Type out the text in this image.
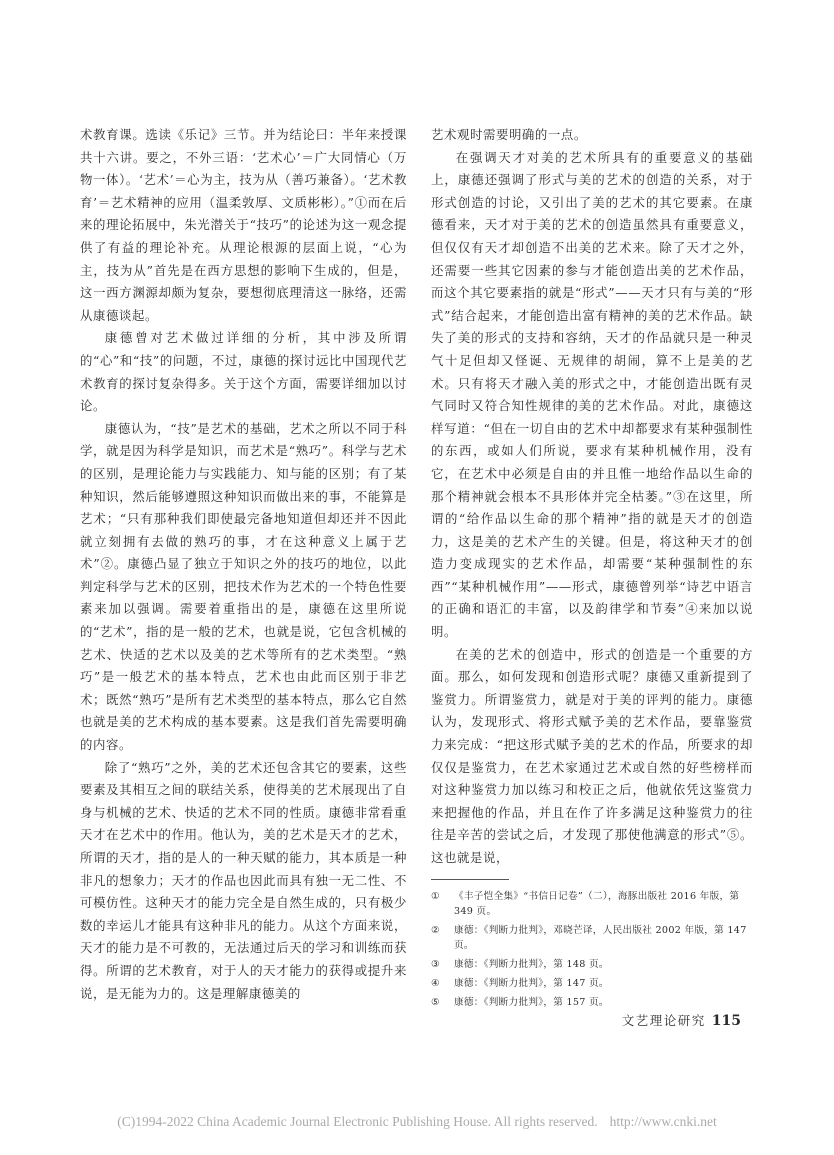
术教育课。选读《乐记》三节。并为结论曰：半年来授课共十六讲。要之，不外三语：‘艺术心’＝广大同情心（万物一体）。‘艺术’＝心为主，技为从（善巧兼备）。‘艺术教育’＝艺术精神的应用（温柔敦厚、文质彬彬）。”①而在后来的理论拓展中，朱光潜关于“技巧”的论述为这一观念提供了有益的理论补充。从理论根源的层面上说，“心为主，技为从”首先是在西方思想的影响下生成的，但是，这一西方渊源却颇为复杂，要想彻底理清这一脉络，还需从康德谈起。

康德曾对艺术做过详细的分析，其中涉及所谓的“心”和“技”的问题，不过，康德的探讨远比中国现代艺术教育的探讨复杂得多。关于这个方面，需要详细加以讨论。

康德认为，“技”是艺术的基础，艺术之所以不同于科学，就是因为科学是知识，而艺术是“熟巧”。科学与艺术的区别，是理论能力与实践能力、知与能的区别；有了某种知识，然后能够遵照这种知识而做出来的事，不能算是艺术；“只有那种我们即使最完备地知道但却还并不因此就立刻拥有去做的熟巧的事，才在这种意义上属于艺术”②。康德凸显了独立于知识之外的技巧的地位，以此判定科学与艺术的区别，把技术作为艺术的一个特色性要素来加以强调。需要着重指出的是，康德在这里所说的“艺术”，指的是一般的艺术，也就是说，它包含机械的艺术、快适的艺术以及美的艺术等所有的艺术类型。“熟巧”是一般艺术的基本特点，艺术也由此而区别于非艺术；既然“熟巧”是所有艺术类型的基本特点，那么它自然也就是美的艺术构成的基本要素。这是我们首先需要明确的内容。

除了“熟巧”之外，美的艺术还包含其它的要素，这些要素及其相互之间的联结关系，使得美的艺术展现出了自身与机械的艺术、快适的艺术不同的性质。康德非常看重天才在艺术中的作用。他认为，美的艺术是天才的艺术，所谓的天才，指的是人的一种天赋的能力，其本质是一种非凡的想象力；天才的作品也因此而具有独一无二性、不可模仿性。这种天才的能力完全是自然生成的，只有极少数的幸运儿才能具有这种非凡的能力。从这个方面来说，天才的能力是不可教的，无法通过后天的学习和训练而获得。所谓的艺术教育，对于人的天才能力的获得或提升来说，是无能为力的。这是理解康德美的

艺术观时需要明确的一点。

在强调天才对美的艺术所具有的重要意义的基础上，康德还强调了形式与美的艺术的创造的关系，对于形式创造的讨论，又引出了美的艺术的其它要素。在康德看来，天才对于美的艺术的创造虽然具有重要意义，但仅仅有天才却创造不出美的艺术来。除了天才之外，还需要一些其它因素的参与才能创造出美的艺术作品，而这个其它要素指的就是“形式”——天才只有与美的“形式”结合起来，才能创造出富有精神的美的艺术作品。缺失了美的形式的支持和容纳，天才的作品就只是一种灵气十足但却又怪诞、无规律的胡闹，算不上是美的艺术。只有将天才融入美的形式之中，才能创造出既有灵气同时又符合知性规律的美的艺术作品。对此，康德这样写道：“但在一切自由的艺术中却都要求有某种强制性的东西，或如人们所说，要求有某种机械作用，没有它，在艺术中必须是自由的并且惟一地给作品以生命的那个精神就会根本不具形体并完全枯萎。”③在这里，所谓的“给作品以生命的那个精神”指的就是天才的创造力，这是美的艺术产生的关键。但是，将这种天才的创造力变成现实的艺术作品，却需要“某种强制性的东西”“某种机械作用”——形式，康德曾列举“诗艺中语言的正确和语汇的丰富，以及韵律学和节奏”④来加以说明。

在美的艺术的创造中，形式的创造是一个重要的方面。那么，如何发现和创造形式呢？康德又重新提到了鉴赏力。所谓鉴赏力，就是对于美的评判的能力。康德认为，发现形式、将形式赋予美的艺术作品，要靠鉴赏力来完成：“把这形式赋予美的艺术的作品，所要求的却仅仅是鉴赏力，在艺术家通过艺术或自然的好些榜样而对这种鉴赏力加以练习和校正之后，他就依凭这鉴赏力来把握他的作品，并且在作了许多满足这种鉴赏力的往往是辛苦的尝试之后，才发现了那使他满意的形式”⑤。这也就是说，

① 《丰子恺全集》“书信日记卷”（二），海豚出版社 2016 年版，第 349 页。
② 康德：《判断力批判》，邓晓芒译，人民出版社 2002 年版，第 147 页。
③ 康德：《判断力批判》，第 148 页。
④ 康德：《判断力批判》，第 147 页。
⑤ 康德：《判断力批判》，第 157 页。
文艺理论研究 115
(C)1994-2022 China Academic Journal Electronic Publishing House. All rights reserved. http://www.cnki.net
